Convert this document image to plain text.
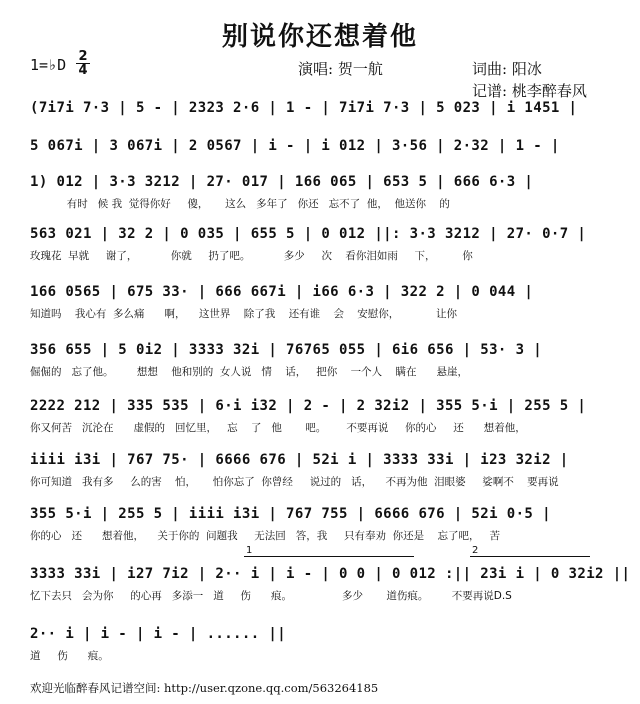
别说你还想着他
1=♭D 2
4	演唱: 贺一航	词曲: 阳冰
记谱: 桃李醉春风
(7i7i 7·3 | 5 - | 2323 2·6 | 1 - | 7i7i 7·3 | 5 023 | i 1451 |
5 067i | 3 067i | 2 0567 | i - | i 012 | 3·56 | 2·32 | 1 - |
1) 012 | 3·3 3212 | 27· 017 | 166 065 | 653 5 | 666 6·3 |
有时   候 我  觉得你好     傻，     这么   多年了   你还   忘不了  他，  他送你    的
563 021 | 32 2 | 0 035 | 655 5 | 0 012 ||: 3·3 3212 | 27· 0·7 |
玫瑰花  早就     谢了，          你就     扔了吧。          多少     次    看你泪如雨     下，        你
166 0565 | 675 33· | 666 667i | i66 6·3 | 322 2 | 0 044 |
知道吗    我心有  多么痛      啊，    这世界    除了我    还有谁    会    安慰你，           让你
356 655 | 5 0i2 | 3333 32i | 76765 055 | 6i6 656 | 53· 3 |
倔倔的   忘了他。       想想    他和别的  女人说   情    话，   把你    一个人    瞒在      悬崖，
2222 212 | 335 535 | 6·i i32 | 2 - | 2 32i2 | 355 5·i | 255 5 |
你又何苦   沉沦在      虚假的   回忆里，   忘    了   他       吧。      不要再说     你的心     还      想着他，
iiii i3i | 767 75· | 6666 676 | 52i i | 3333 33i | i23 32i2 |
你可知道   我有多     么的害    怕，     怕你忘了  你曾经     说过的   话，    不再为他  泪眼婆     娑啊不    要再说
355 5·i | 255 5 | iiii i3i | 767 755 | 6666 676 | 52i 0·5 |
你的心   还      想着他，    关于你的  问题我     无法回   答，我     只有奉劝  你还是    忘了吧，   苦
3333 33i | i27 7i2 | 2·· i | i - | 0 0 | 0 012 :|| 23i i | 0 32i2 ||
忆下去只   会为你     的心再   多添一   道     伤      痕。               多少       道伤痕。       不要再说D.S
2·· i | i - | i - | ...... ||
道     伤      痕。
1	2
欢迎光临醉春风记谱空间: http://user.qzone.qq.com/563264185
